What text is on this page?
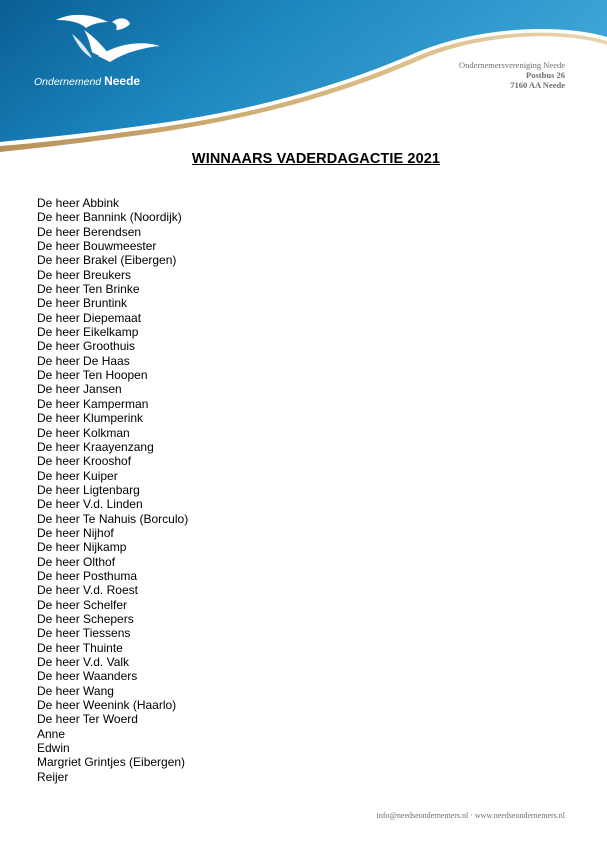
Ondernemend Neede
Ondernemersvereniging Neede
Postbus 26
7160 AA Neede
WINNAARS VADERDAGACTIE 2021
De heer Abbink
De heer Bannink (Noordijk)
De heer Berendsen
De heer Bouwmeester
De heer Brakel (Eibergen)
De heer Breukers
De heer Ten Brinke
De heer Bruntink
De heer Diepemaat
De heer Eikelkamp
De heer Groothuis
De heer De Haas
De heer Ten Hoopen
De heer Jansen
De heer Kamperman
De heer Klumperink
De heer Kolkman
De heer Kraayenzang
De heer Krooshof
De heer Kuiper
De heer Ligtenbarg
De heer V.d. Linden
De heer Te Nahuis (Borculo)
De heer Nijhof
De heer Nijkamp
De heer Olthof
De heer Posthuma
De heer V.d. Roest
De heer Schelfer
De heer Schepers
De heer Tiessens
De heer Thuinte
De heer V.d. Valk
De heer Waanders
De heer Wang
De heer Weenink (Haarlo)
De heer Ter Woerd
Anne
Edwin
Margriet Grintjes (Eibergen)
Reijer
info@needseondernemers.nl · www.needseondernemers.nl
